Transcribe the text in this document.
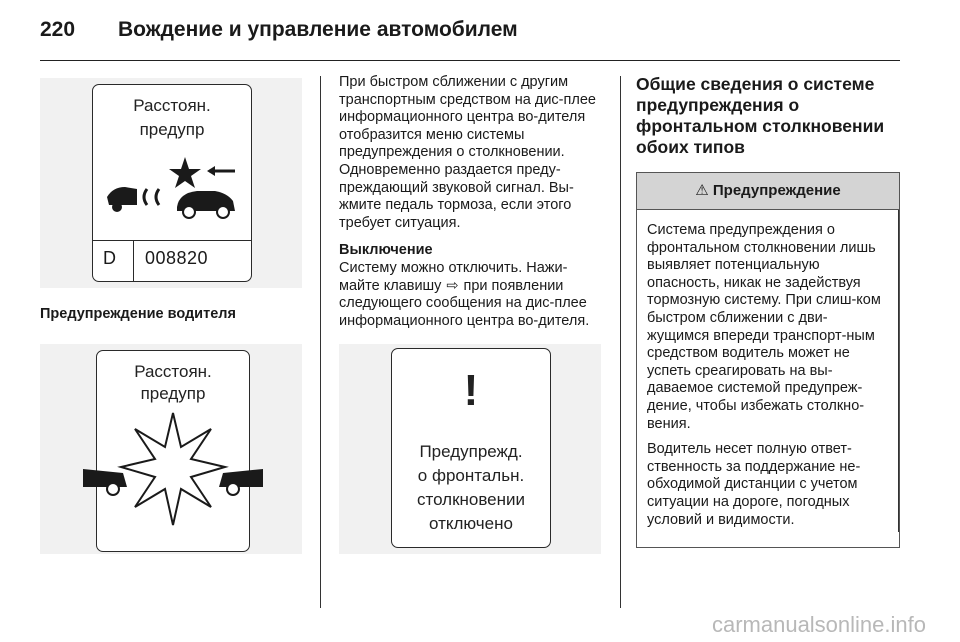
220 Вождение и управление автомобилем
Расстоян.
предупр
D 008820
Предупреждение водителя
Расстоян.
предупр

При быстром сближении с другим транспортным средством на дис-плее информационного центра во-дителя отобразится меню системы предупреждения о столкновении. Одновременно раздается преду-преждающий звуковой сигнал. Вы-жмите педаль тормоза, если этого требует ситуация.

Выключение

Систему можно отключить. Нажи-майте клавишу ⇨ при появлении следующего сообщения на дис-плее информационного центра во-дителя.

!
Предупрежд.
о фронтальн.
столкновении
отключено
Общие сведения о системе предупреждения о фронтальном столкновении обоих типов
⚠ Предупреждение

Система предупреждения о фронтальном столкновении лишь выявляет потенциальную опасность, никак не задействуя тормозную систему. При слиш-ком быстром сближении с дви-жущимся впереди транспорт-ным средством водитель может не успеть среагировать на вы-даваемое системой предупреж-дение, чтобы избежать столкно-вения.

Водитель несет полную ответ-ственность за поддержание не-обходимой дистанции с учетом ситуации на дороге, погодных условий и видимости.

carmanualsonline.info
